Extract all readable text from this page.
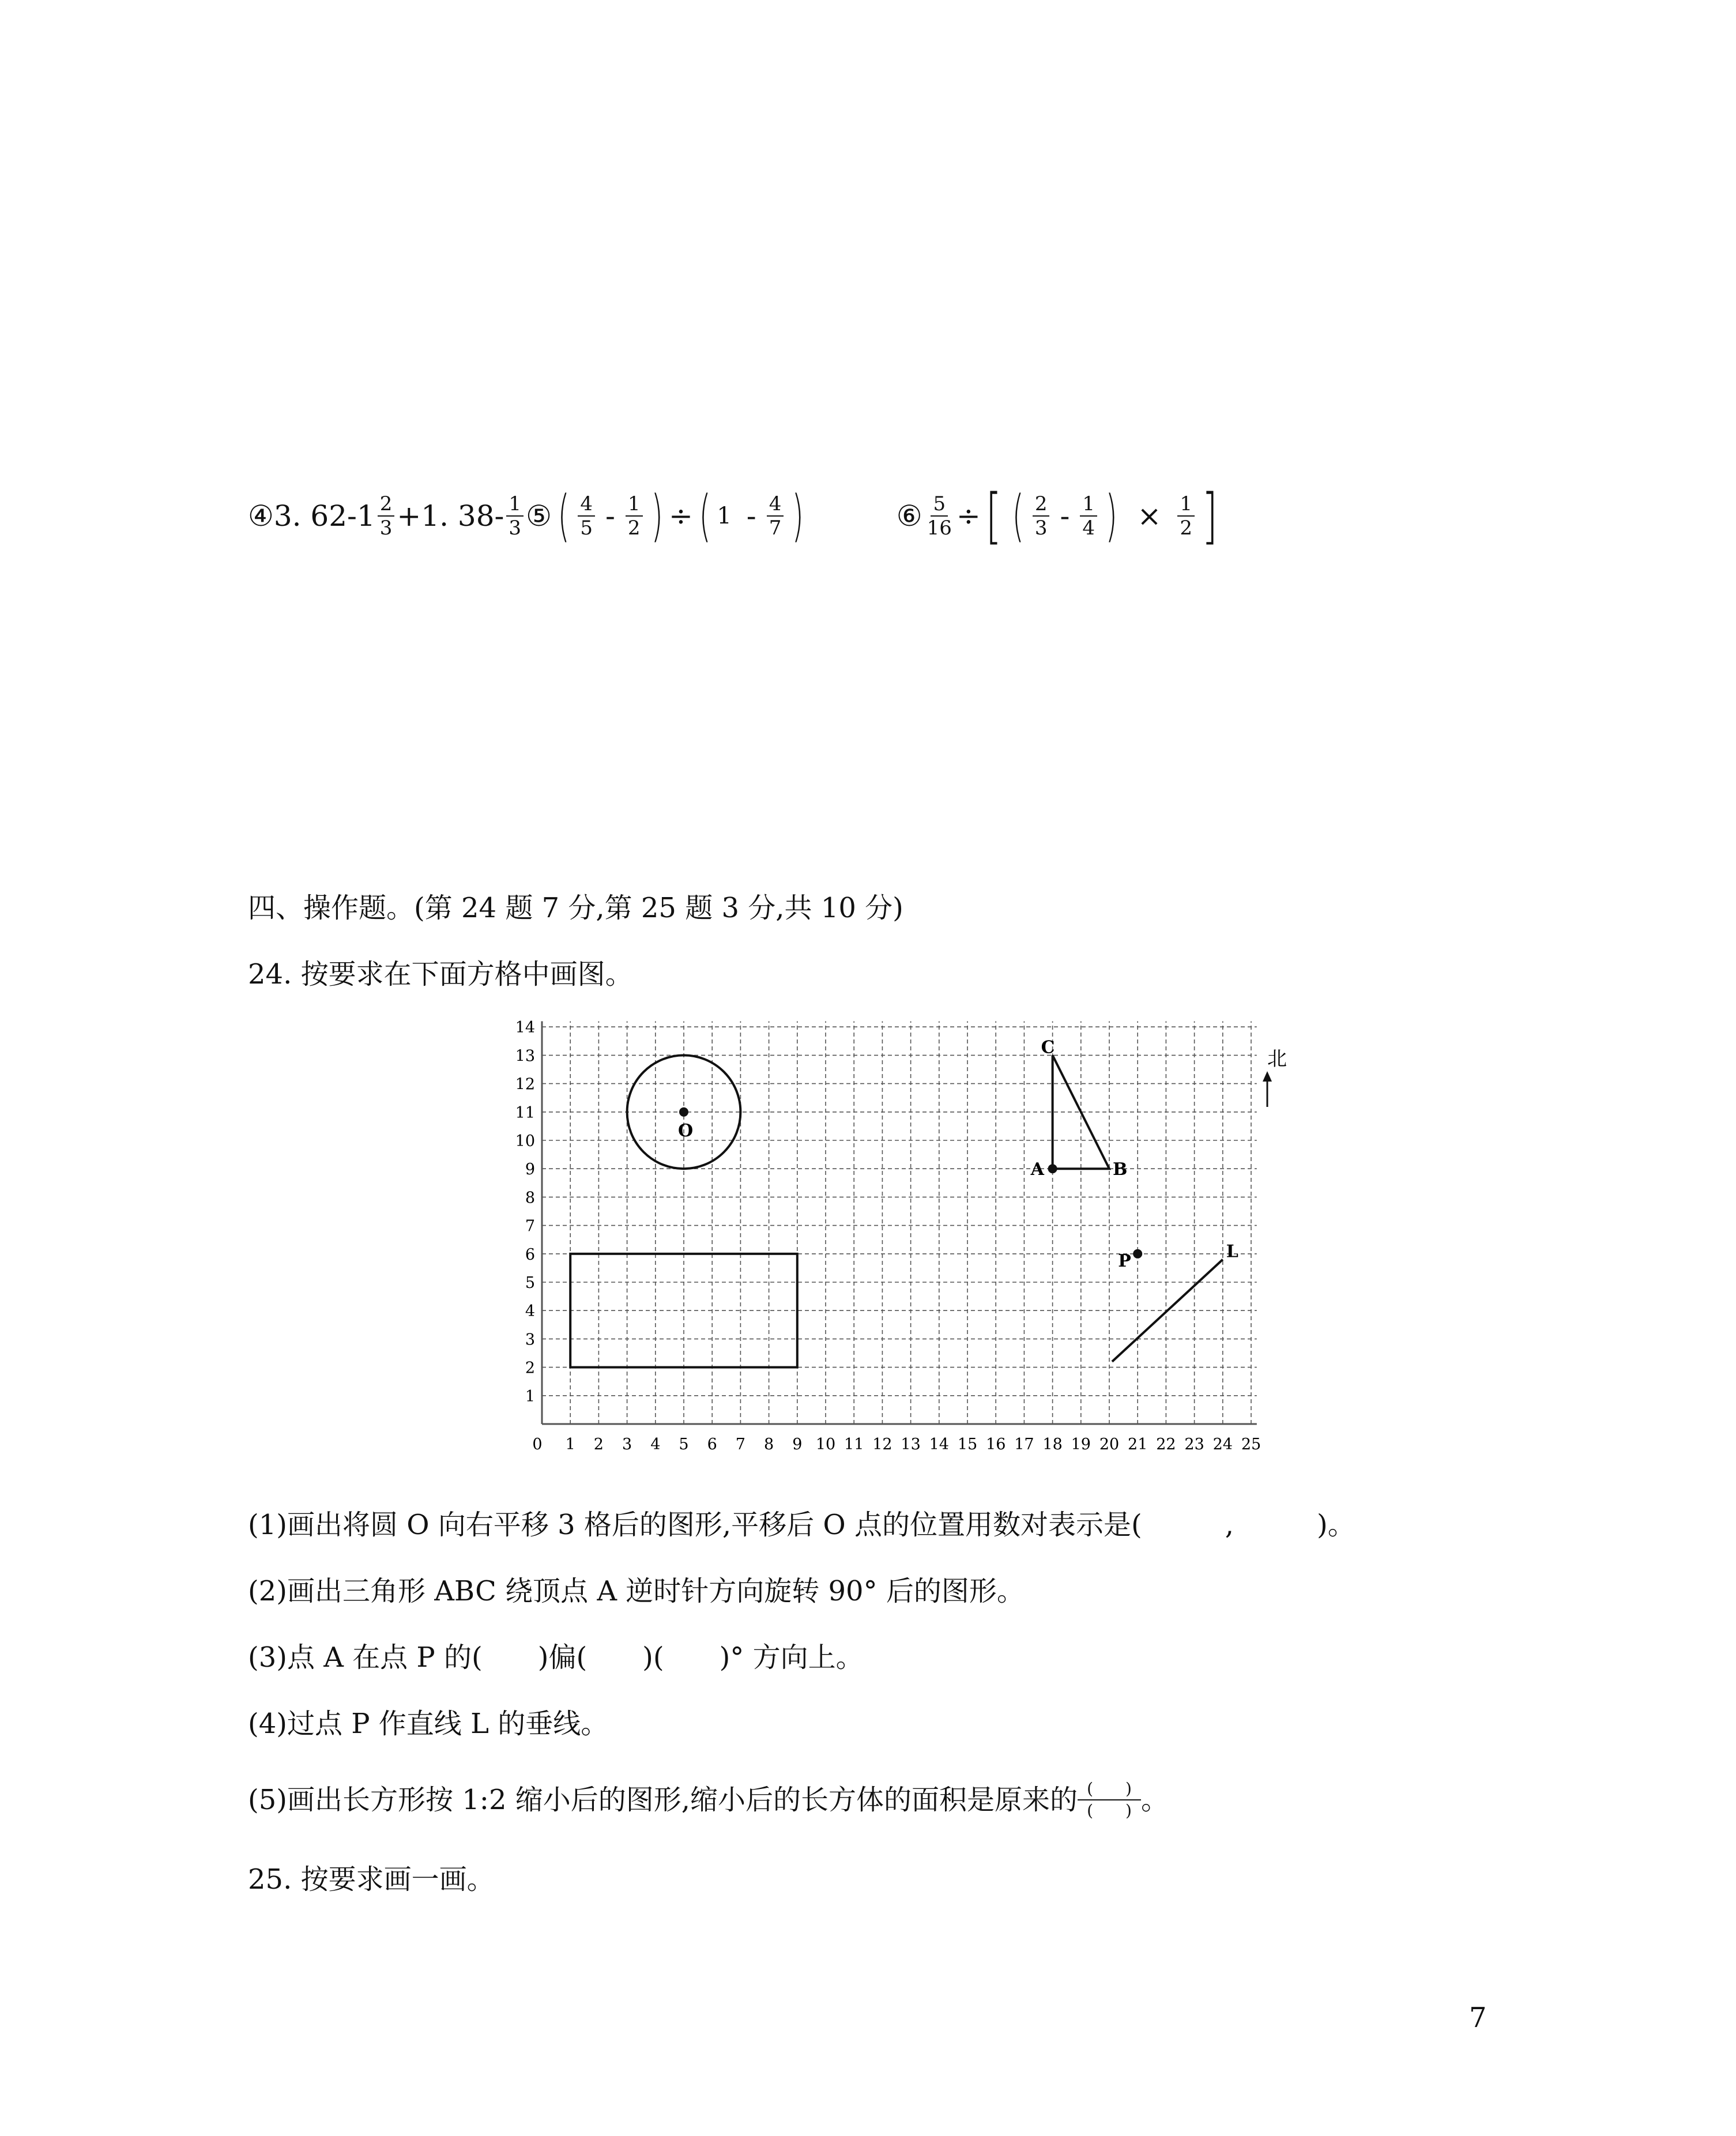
④3. $62-1 \frac{2}{3} +1$. $38- \frac{1}{3}$ ⑤ ( $\frac{4}{5} - \frac{1}{2}$ ) ÷ ( $1 - \frac{4}{7}$ )	⑥ $\frac{5}{16}$ ÷ [ ( $\frac{2}{3} - \frac{1}{4}$ ) × $\frac{1}{2}$ ]
四、操作题。(第 24 题 7 分,第 25 题 3 分,共 10 分)
24. 按要求在下面方格中画图。
0 1 2 3 4 5 6 7 8 9 10 11 12 13 14 15 16 17 18 19 20 21 22 23 24 25
1
2
3
4
5
6
7
8
9
10
11
12
13
14
O
A	B
C
P	L
北
(1)画出将圆 O 向右平移 3 格后的图形,平移后 O 点的位置用数对表示是(　　　,　　　)。
(2)画出三角形 ABC 绕顶点 A 逆时针方向旋转 90° 后的图形。
(3)点 A 在点 P 的(　　)偏(　　)(　　)° 方向上。
(4)过点 P 作直线 L 的垂线。
(5)画出长方形按 1:2 缩小后的图形,缩小后的长方体的面积是原来的 $\frac{( )}{( )}$ 。
25. 按要求画一画。
7
